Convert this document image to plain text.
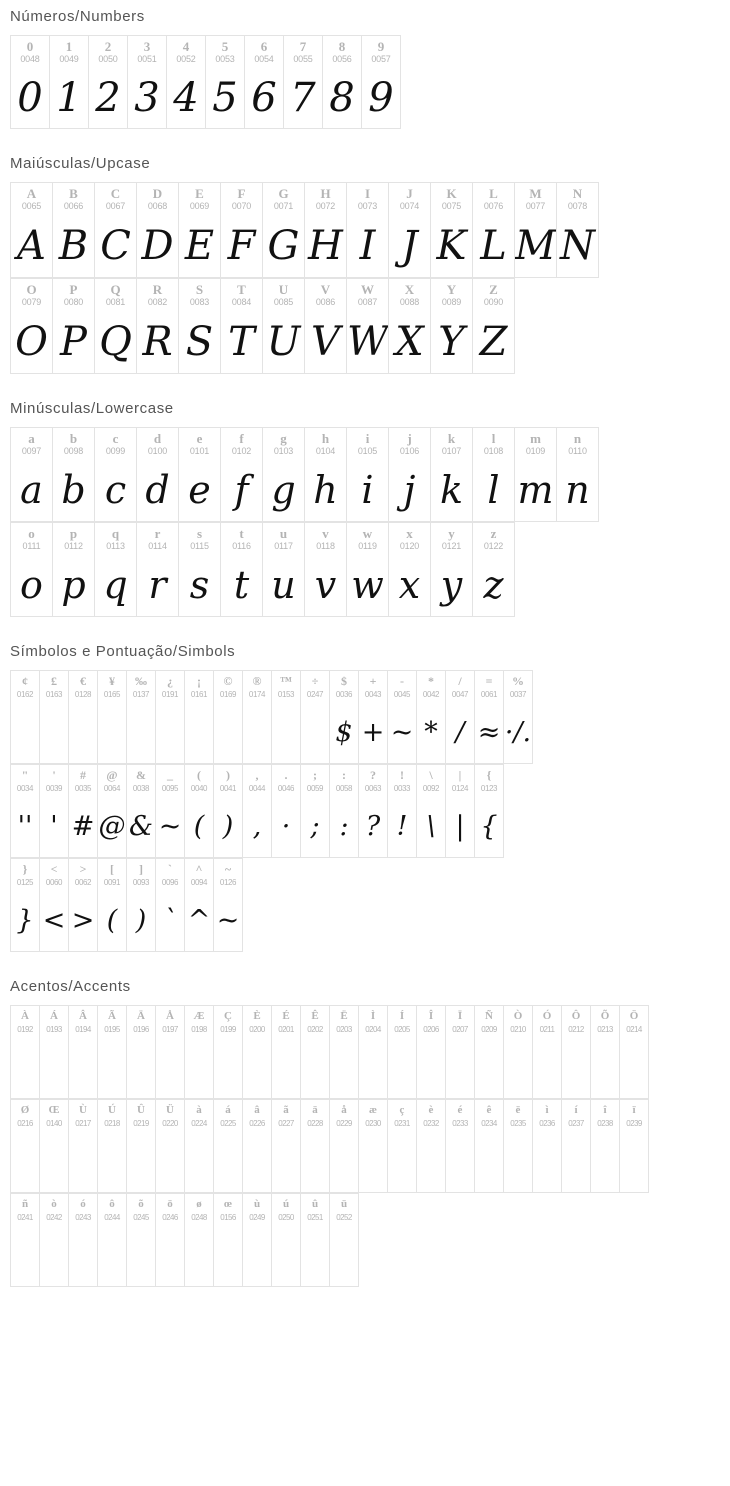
Números/Numbers
0
0048
0
1
0049
1
2
0050
2
3
0051
3
4
0052
4
5
0053
5
6
0054
6
7
0055
7
8
0056
8
9
0057
9
Maiúsculas/Upcase
A
0065
A
B
0066
B
C
0067
C
D
0068
D
E
0069
E
F
0070
F
G
0071
G
H
0072
H
I
0073
I
J
0074
J
K
0075
K
L
0076
L
M
0077
M
N
0078
N
O
0079
O
P
0080
P
Q
0081
Q
R
0082
R
S
0083
S
T
0084
T
U
0085
U
V
0086
V
W
0087
W
X
0088
X
Y
0089
Y
Z
0090
Z
Minúsculas/Lowercase
a
0097
a
b
0098
b
c
0099
c
d
0100
d
e
0101
e
f
0102
f
g
0103
g
h
0104
h
i
0105
i
j
0106
j
k
0107
k
l
0108
l
m
0109
m
n
0110
n
o
0111
o
p
0112
p
q
0113
q
r
0114
r
s
0115
s
t
0116
t
u
0117
u
v
0118
v
w
0119
w
x
0120
x
y
0121
y
z
0122
z
Símbolos e Pontuação/Simbols
¢
0162
£
0163
€
0128
¥
0165
‰
0137
¿
0191
¡
0161
©
0169
®
0174
™
0153
÷
0247
$
0036
$
+
0043
+
-
0045
~
*
0042
*
/
0047
/
=
0061
≈
%
0037
·/.
"
0034
''
'
0039
'
#
0035
#
@
0064
@
&
0038
&
_
0095
~
(
0040
(
)
0041
)
,
0044
,
.
0046
·
;
0059
;
:
0058
:
?
0063
?
!
0033
!
\
0092
\
|
0124
|
{
0123
{
}
0125
}
<
0060
<
>
0062
>
[
0091
(
]
0093
)
`
0096
`
^
0094
^
~
0126
~
Acentos/Accents
À
0192
Á
0193
Â
0194
Ã
0195
Ä
0196
Å
0197
Æ
0198
Ç
0199
È
0200
É
0201
Ê
0202
Ë
0203
Ì
0204
Í
0205
Î
0206
Ï
0207
Ñ
0209
Ò
0210
Ó
0211
Ô
0212
Õ
0213
Ö
0214
Ø
0216
Œ
0140
Ù
0217
Ú
0218
Û
0219
Ü
0220
à
0224
á
0225
â
0226
ã
0227
ä
0228
å
0229
æ
0230
ç
0231
è
0232
é
0233
ê
0234
ë
0235
ì
0236
í
0237
î
0238
ï
0239
ñ
0241
ò
0242
ó
0243
ô
0244
õ
0245
ö
0246
ø
0248
œ
0156
ù
0249
ú
0250
û
0251
ü
0252
